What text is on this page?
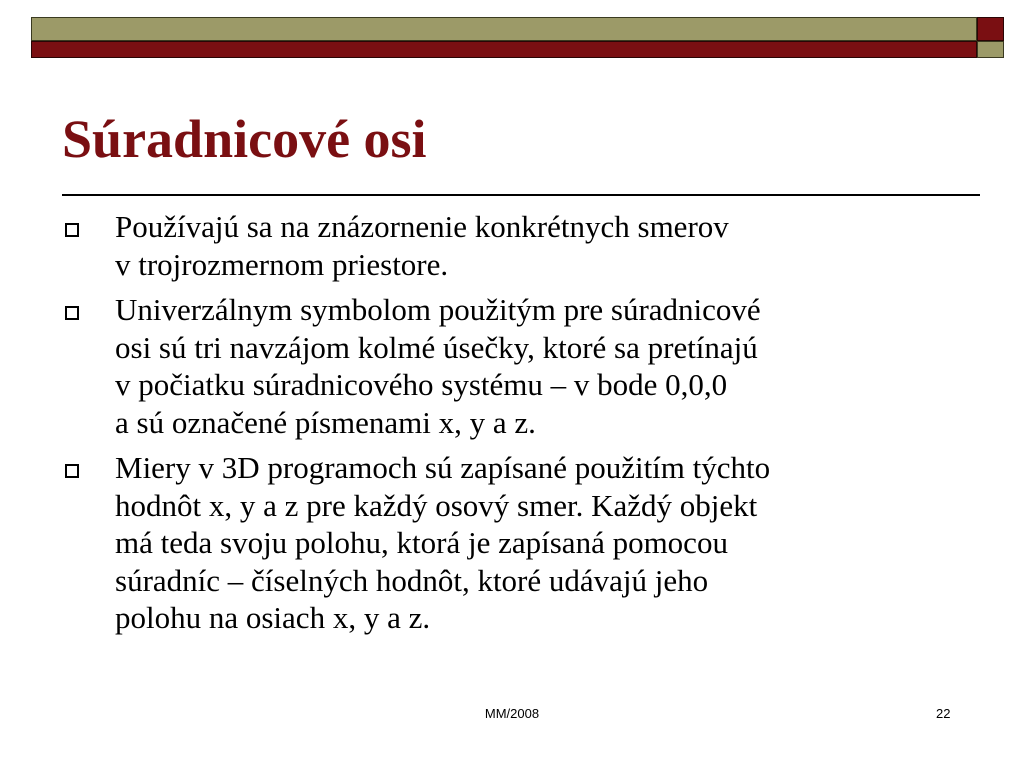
Súradnicové osi
Používajú sa na znázornenie konkrétnych smerov
v trojrozmernom priestore.
Univerzálnym symbolom použitým pre súradnicové
osi sú tri navzájom kolmé úsečky, ktoré sa pretínajú
v počiatku súradnicového systému – v bode 0,0,0
a sú označené písmenami x, y a z.
Miery v 3D programoch sú zapísané použitím týchto
hodnôt x, y a z pre každý osový smer. Každý objekt
má teda svoju polohu, ktorá je zapísaná pomocou
súradníc – číselných hodnôt, ktoré udávajú jeho
polohu na osiach x, y a z.
MM/2008	22
